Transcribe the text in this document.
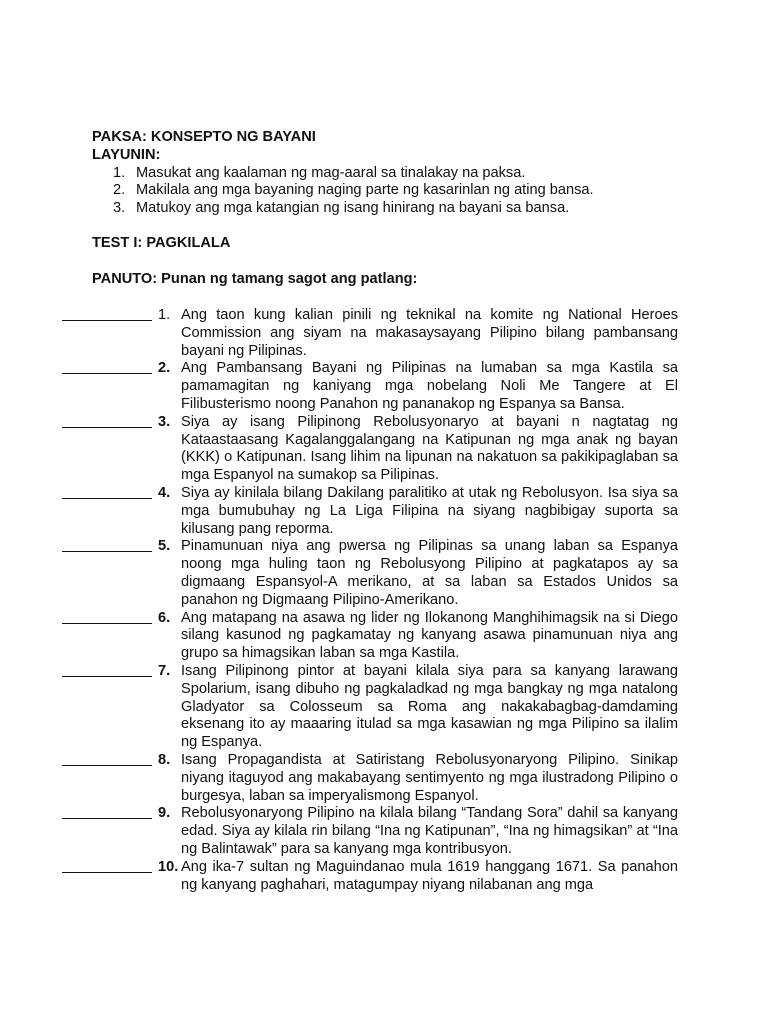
PAKSA: KONSEPTO NG BAYANI
LAYUNIN:
1. Masukat ang kaalaman ng mag-aaral sa tinalakay na paksa.
2. Makilala ang mga bayaning naging parte ng kasarinlan ng ating bansa.
3. Matukoy ang mga katangian ng isang hinirang na bayani sa bansa.
TEST I: PAGKILALA
PANUTO: Punan ng tamang sagot ang patlang:
1. Ang taon kung kalian pinili ng teknikal na komite ng National Heroes Commission ang siyam na makasaysayang Pilipino bilang pambansang bayani ng Pilipinas.
2. Ang Pambansang Bayani ng Pilipinas na lumaban sa mga Kastila sa pamamagitan ng kaniyang mga nobelang Noli Me Tangere at El Filibusterismo noong Panahon ng pananakop ng Espanya sa Bansa.
3. Siya ay isang Pilipinong Rebolusyonaryo at bayani n nagtatag ng Kataastaasang Kagalanggalangang na Katipunan ng mga anak ng bayan (KKK) o Katipunan. Isang lihim na lipunan na nakatuon sa pakikipaglaban sa mga Espanyol na sumakop sa Pilipinas.
4. Siya ay kinilala bilang Dakilang paralitiko at utak ng Rebolusyon. Isa siya sa mga bumubuhay ng La Liga Filipina na siyang nagbibigay suporta sa kilusang pang reporma.
5. Pinamunuan niya ang pwersa ng Pilipinas sa unang laban sa Espanya noong mga huling taon ng Rebolusyong Pilipino at pagkatapos ay sa digmaang Espansyol-A merikano, at sa laban sa Estados Unidos sa panahon ng Digmaang Pilipino-Amerikano.
6. Ang matapang na asawa ng lider ng Ilokanong Manghihimagsik na si Diego silang kasunod ng pagkamatay ng kanyang asawa pinamunuan niya ang grupo sa himagsikan laban sa mga Kastila.
7. Isang Pilipinong pintor at bayani kilala siya para sa kanyang larawang Spolarium, isang dibuho ng pagkaladkad ng mga bangkay ng mga natalong Gladyator sa Colosseum sa Roma ang nakakabagbag-damdaming eksenang ito ay maaaring itulad sa mga kasawian ng mga Pilipino sa ilalim ng Espanya.
8. Isang Propagandista at Satiristang Rebolusyonaryong Pilipino. Sinikap niyang itaguyod ang makabayang sentimyento ng mga ilustradong Pilipino o burgesya, laban sa imperyalismong Espanyol.
9. Rebolusyonaryong Pilipino na kilala bilang “Tandang Sora” dahil sa kanyang edad. Siya ay kilala rin bilang “Ina ng Katipunan”, “Ina ng himagsikan” at “Ina ng Balintawak” para sa kanyang mga kontribusyon.
10. Ang ika-7 sultan ng Maguindanao mula 1619 hanggang 1671. Sa panahon ng kanyang paghahari, matagumpay niyang nilabanan ang mga
